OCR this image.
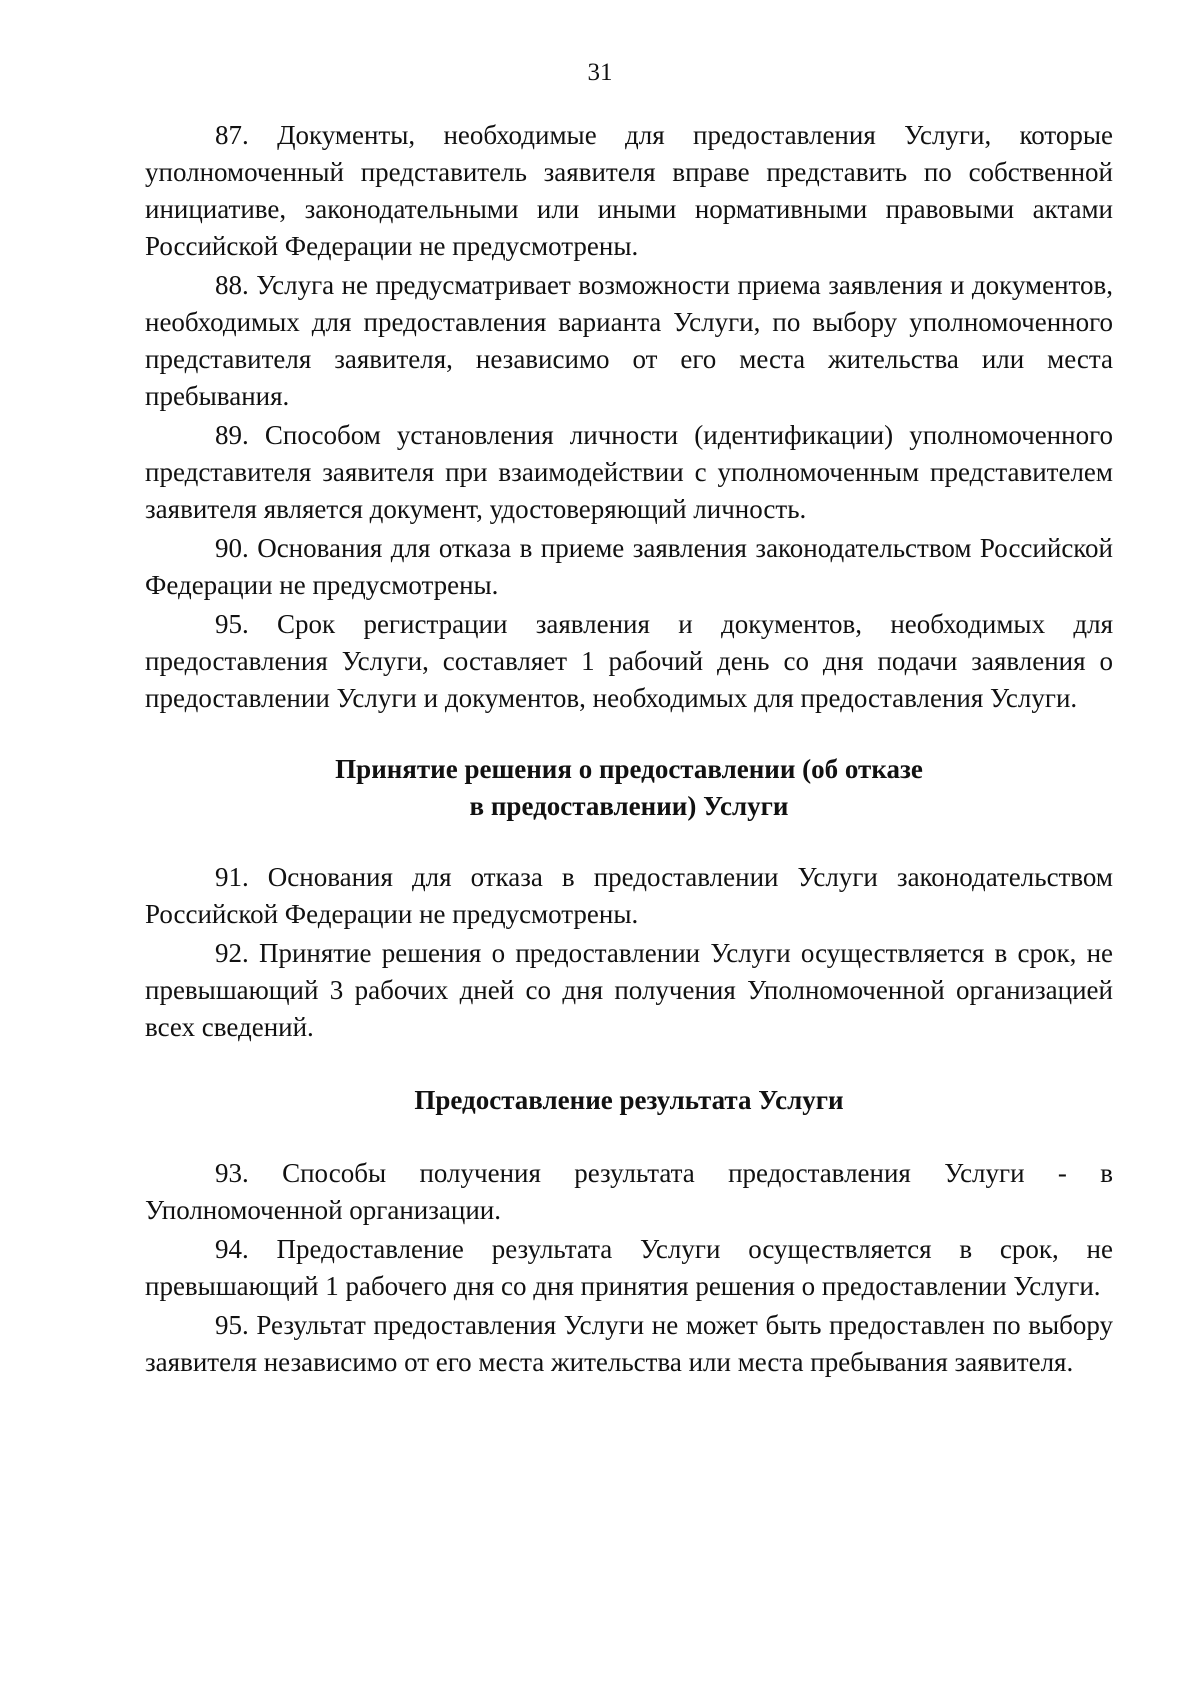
31

87. Документы, необходимые для предоставления Услуги, которые уполномоченный представитель заявителя вправе представить по собственной инициативе, законодательными или иными нормативными правовыми актами Российской Федерации не предусмотрены.

88. Услуга не предусматривает возможности приема заявления и документов, необходимых для предоставления варианта Услуги, по выбору уполномоченного представителя заявителя, независимо от его места жительства или места пребывания.

89. Способом установления личности (идентификации) уполномоченного представителя заявителя при взаимодействии с уполномоченным представителем заявителя является документ, удостоверяющий личность.

90. Основания для отказа в приеме заявления законодательством Российской Федерации не предусмотрены.

95. Срок регистрации заявления и документов, необходимых для предоставления Услуги, составляет 1 рабочий день со дня подачи заявления о предоставлении Услуги и документов, необходимых для предоставления Услуги.

Принятие решения о предоставлении (об отказе
в предоставлении) Услуги

91. Основания для отказа в предоставлении Услуги законодательством Российской Федерации не предусмотрены.

92. Принятие решения о предоставлении Услуги осуществляется в срок, не превышающий 3 рабочих дней со дня получения Уполномоченной организацией всех сведений.

Предоставление результата Услуги

93. Способы получения результата предоставления Услуги - в Уполномоченной организации.

94. Предоставление результата Услуги осуществляется в срок, не превышающий 1 рабочего дня со дня принятия решения о предоставлении Услуги.

95. Результат предоставления Услуги не может быть предоставлен по выбору заявителя независимо от его места жительства или места пребывания заявителя.
